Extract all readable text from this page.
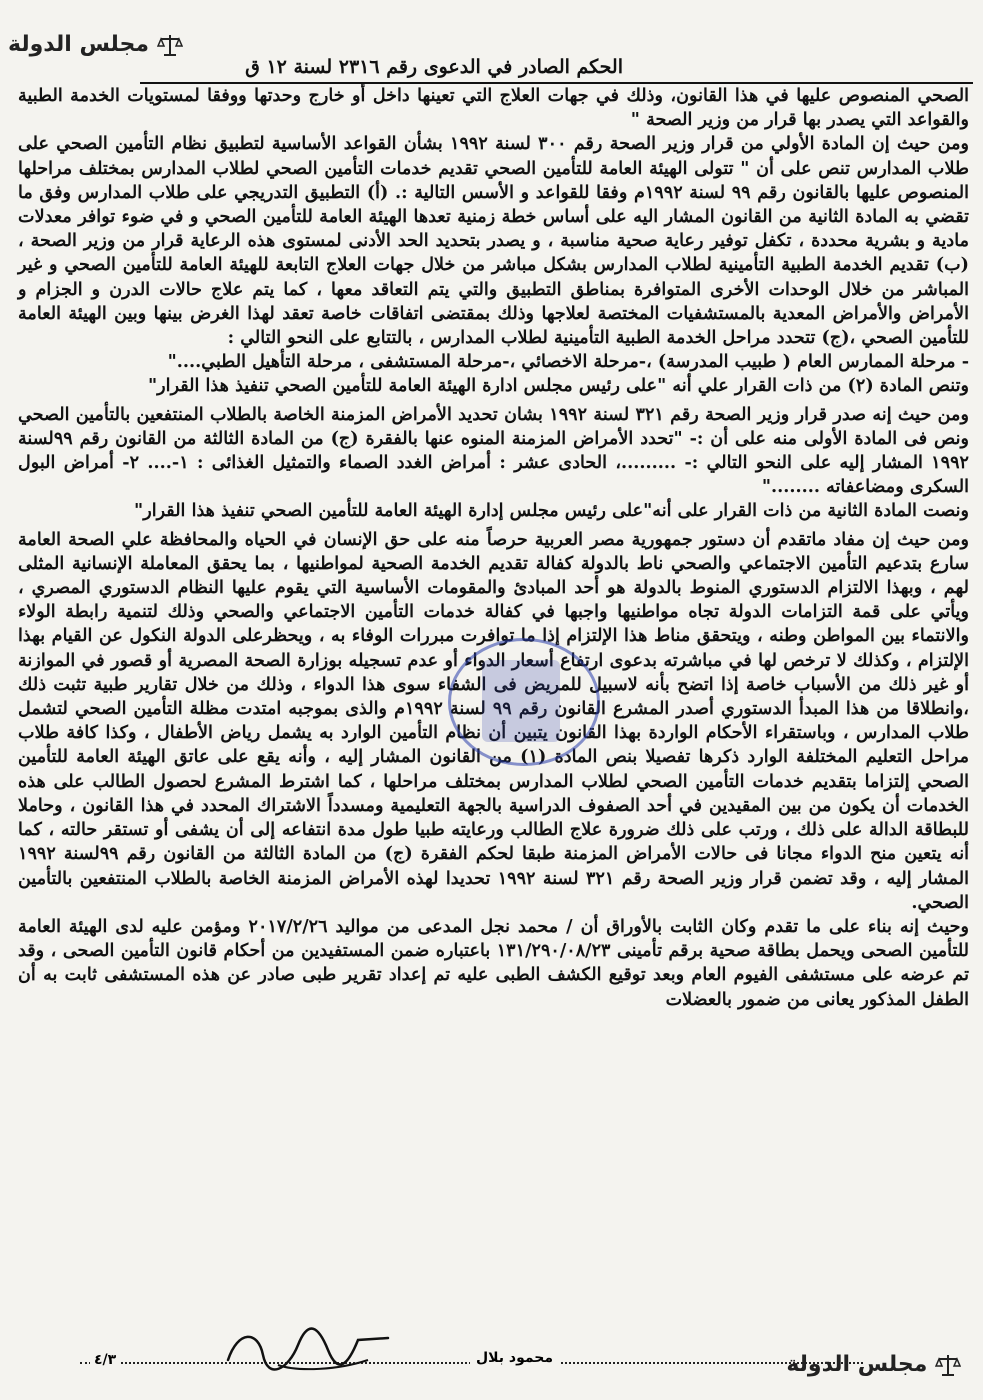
مجلس الدولة
الحكم الصادر في الدعوى رقم ٢٣١٦ لسنة ١٢ ق

الصحي المنصوص عليها في هذا القانون، وذلك في جهات العلاج التي تعينها داخل أو خارج وحدتها ووفقا لمستويات الخدمة الطبية والقواعد التي يصدر بها قرار من وزير الصحة "

ومن حيث إن المادة الأولي من قرار وزير الصحة رقم ٣٠٠ لسنة ١٩٩٢ بشأن القواعد الأساسية لتطبيق نظام التأمين الصحي على طلاب المدارس تنص على أن " تتولى الهيئة العامة للتأمين الصحي تقديم خدمات التأمين الصحي لطلاب المدارس بمختلف مراحلها المنصوص عليها بالقانون رقم ٩٩ لسنة ١٩٩٢م وفقا للقواعد و الأسس التالية :. (أ) التطبيق التدريجي على طلاب المدارس وفق ما تقضي به المادة الثانية من القانون المشار اليه على أساس خطة زمنية تعدها الهيئة العامة للتأمين الصحي و في ضوء توافر معدلات مادية و بشرية محددة ، تكفل توفير رعاية صحية مناسبة ، و يصدر بتحديد الحد الأدنى لمستوى هذه الرعاية قرار من وزير الصحة ، (ب) تقديم الخدمة الطبية التأمينية لطلاب المدارس بشكل مباشر من خلال جهات العلاج التابعة للهيئة العامة للتأمين الصحي و غير المباشر من خلال الوحدات الأخرى المتوافرة بمناطق التطبيق والتي يتم التعاقد معها ، كما يتم علاج حالات الدرن و الجزام و الأمراض والأمراض المعدية بالمستشفيات المختصة لعلاجها وذلك بمقتضى اتفاقات خاصة تعقد لهذا الغرض بينها وبين الهيئة العامة للتأمين الصحي ،(ج) تتحدد مراحل الخدمة الطبية التأمينية لطلاب المدارس ، بالتتابع على النحو التالي :

- مرحلة الممارس العام ( طبيب المدرسة) ،-مرحلة الاخصائي ،-مرحلة المستشفى ، مرحلة التأهيل الطبي...."

وتنص المادة (٢) من ذات القرار علي أنه "على رئيس مجلس ادارة الهيئة العامة للتأمين الصحي تنفيذ هذا القرار"

ومن حيث إنه صدر قرار وزير الصحة رقم ٣٢١ لسنة ١٩٩٢ بشان تحديد الأمراض المزمنة الخاصة بالطلاب المنتفعين بالتأمين الصحي ونص فى المادة الأولى منه على أن :- "تحدد الأمراض المزمنة المنوه عنها بالفقرة (ج) من المادة الثالثة من القانون رقم ٩٩لسنة ١٩٩٢ المشار إليه على النحو التالي :- .........، الحادى عشر : أمراض الغدد الصماء والتمثيل الغذائى : ١-.... ٢- أمراض البول السكرى ومضاعفاته ........"

ونصت المادة الثانية من ذات القرار على أنه"على رئيس مجلس إدارة الهيئة العامة للتأمين الصحي تنفيذ هذا القرار"

ومن حيث إن مفاد ماتقدم أن دستور جمهورية مصر العربية حرصاً منه على حق الإنسان في الحياه والمحافظة علي الصحة العامة سارع بتدعيم التأمين الاجتماعي والصحي ناط بالدولة كفالة تقديم الخدمة الصحية لمواطنيها ، بما يحقق المعاملة الإنسانية المثلى لهم ، وبهذا الالتزام الدستوري المنوط بالدولة هو أحد المبادئ والمقومات الأساسية التي يقوم عليها النظام الدستوري المصري ، ويأتي على قمة التزامات الدولة تجاه مواطنيها واجبها في كفالة خدمات التأمين الاجتماعي والصحي وذلك لتنمية رابطة الولاء والانتماء بين المواطن وطنه ، ويتحقق مناط هذا الإلتزام إذا ما توافرت مبررات الوفاء به ، ويحظرعلى الدولة النكول عن القيام بهذا الإلتزام ، وكذلك لا ترخص لها في مباشرته بدعوى ارتفاع أسعار الدواء أو عدم تسجيله بوزارة الصحة المصرية أو قصور في الموازنة أو غير ذلك من الأسباب خاصة إذا اتضح بأنه لاسبيل للمريض فى الشفاء سوى هذا الدواء ، وذلك من خلال تقارير طبية تثبت ذلك ،وانطلاقا من هذا المبدأ الدستوري أصدر المشرع القانون رقم ٩٩ لسنة ١٩٩٢م والذى بموجبه امتدت مظلة التأمين الصحي لتشمل طلاب المدارس ، وباستقراء الأحكام الواردة بهذا القانون يتبين أن نظام التأمين الوارد به يشمل رياض الأطفال ، وكذا كافة طلاب مراحل التعليم المختلفة الوارد ذكرها تفصيلا بنص المادة (١) من القانون المشار إليه ، وأنه يقع على عاتق الهيئة العامة للتأمين الصحي إلتزاما بتقديم خدمات التأمين الصحي لطلاب المدارس بمختلف مراحلها ، كما اشترط المشرع لحصول الطالب على هذه الخدمات أن يكون من بين المقيدين في أحد الصفوف الدراسية بالجهة التعليمية ومسدداً الاشتراك المحدد في هذا القانون ، وحاملا للبطاقة الدالة على ذلك ، ورتب على ذلك ضرورة علاج الطالب ورعايته طبيا طول مدة انتفاعه إلى أن يشفى أو تستقر حالته ، كما أنه يتعين منح الدواء مجانا فى حالات الأمراض المزمنة طبقا لحكم الفقرة (ج) من المادة الثالثة من القانون رقم ٩٩لسنة ١٩٩٢ المشار إليه ، وقد تضمن قرار وزير الصحة رقم ٣٢١ لسنة ١٩٩٢ تحديدا لهذه الأمراض المزمنة الخاصة بالطلاب المنتفعين بالتأمين الصحي.

وحيث إنه بناء على ما تقدم وكان الثابت بالأوراق أن / محمد نجل المدعى من مواليد ٢٠١٧/٢/٢٦ ومؤمن عليه لدى الهيئة العامة للتأمين الصحى ويحمل بطاقة صحية برقم تأمينى ١٣١/٢٩٠/٠٨/٢٣ باعتباره ضمن المستفيدين من أحكام قانون التأمين الصحى ، وقد تم عرضه على مستشفى الفيوم العام وبعد توقيع الكشف الطبى عليه تم إعداد تقرير طبى صادر عن هذه المستشفى ثابت به أن الطفل المذكور يعانى من ضمور بالعضلات

٤/٣	محمود بلال	مجلس الدولة
